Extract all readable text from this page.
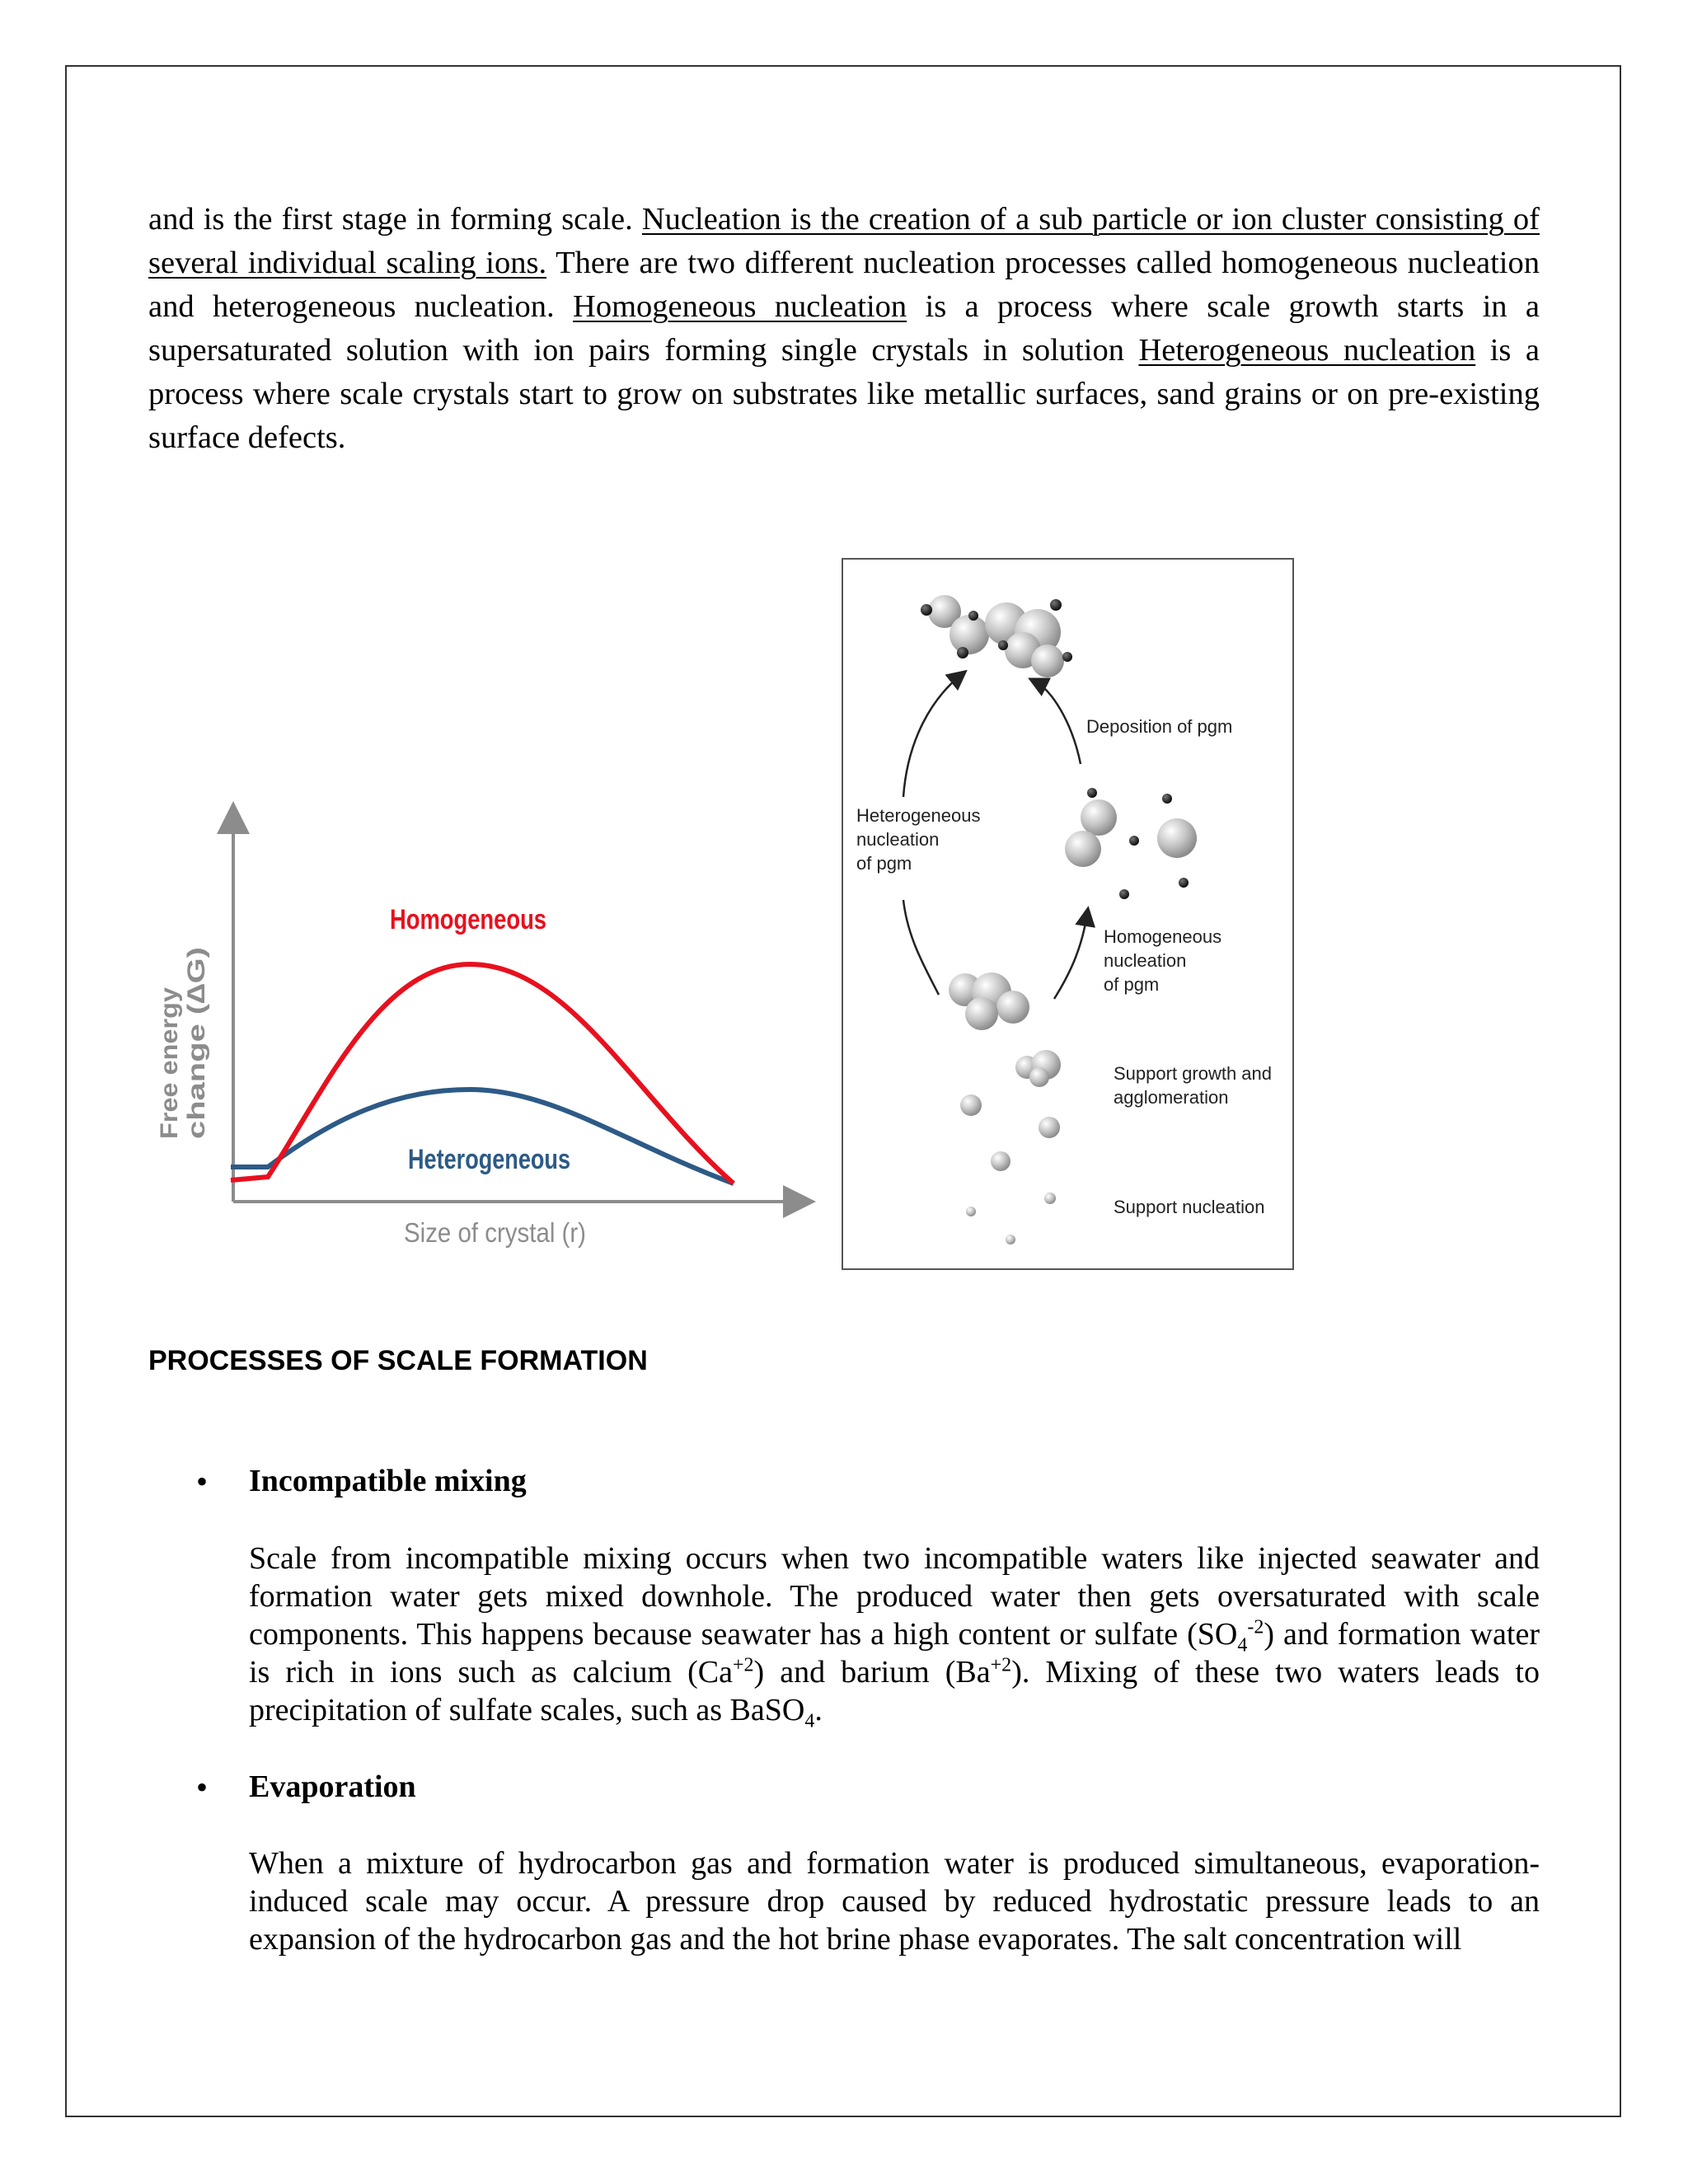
and is the first stage in forming scale. Nucleation is the creation of a sub particle or ion cluster consisting of several individual scaling ions. There are two different nucleation processes called homogeneous nucleation and heterogeneous nucleation. Homogeneous nucleation is a process where scale growth starts in a supersaturated solution with ion pairs forming single crystals in solution Heterogeneous nucleation is a process where scale crystals start to grow on substrates like metallic surfaces, sand grains or on pre-existing surface defects.

Homogeneous
Heterogeneous
Size of crystal (r)
Free energy change (∆G)
Deposition of pgm
Heterogeneous
nucleation
of pgm
Homogeneous
nucleation
of pgm
Support growth and
agglomeration
Support nucleation

PROCESSES OF SCALE FORMATION

• Incompatible mixing

Scale from incompatible mixing occurs when two incompatible waters like injected seawater and formation water gets mixed downhole. The produced water then gets oversaturated with scale components. This happens because seawater has a high content or sulfate $(SO_4^{-2})$ and formation water is rich in ions such as calcium $(Ca^{+2})$ and barium $(Ba^{+2})$. Mixing of these two waters leads to precipitation of sulfate scales, such as BaSO$_4$.

• Evaporation

When a mixture of hydrocarbon gas and formation water is produced simultaneous, evaporation-induced scale may occur. A pressure drop caused by reduced hydrostatic pressure leads to an expansion of the hydrocarbon gas and the hot brine phase evaporates. The salt concentration will
